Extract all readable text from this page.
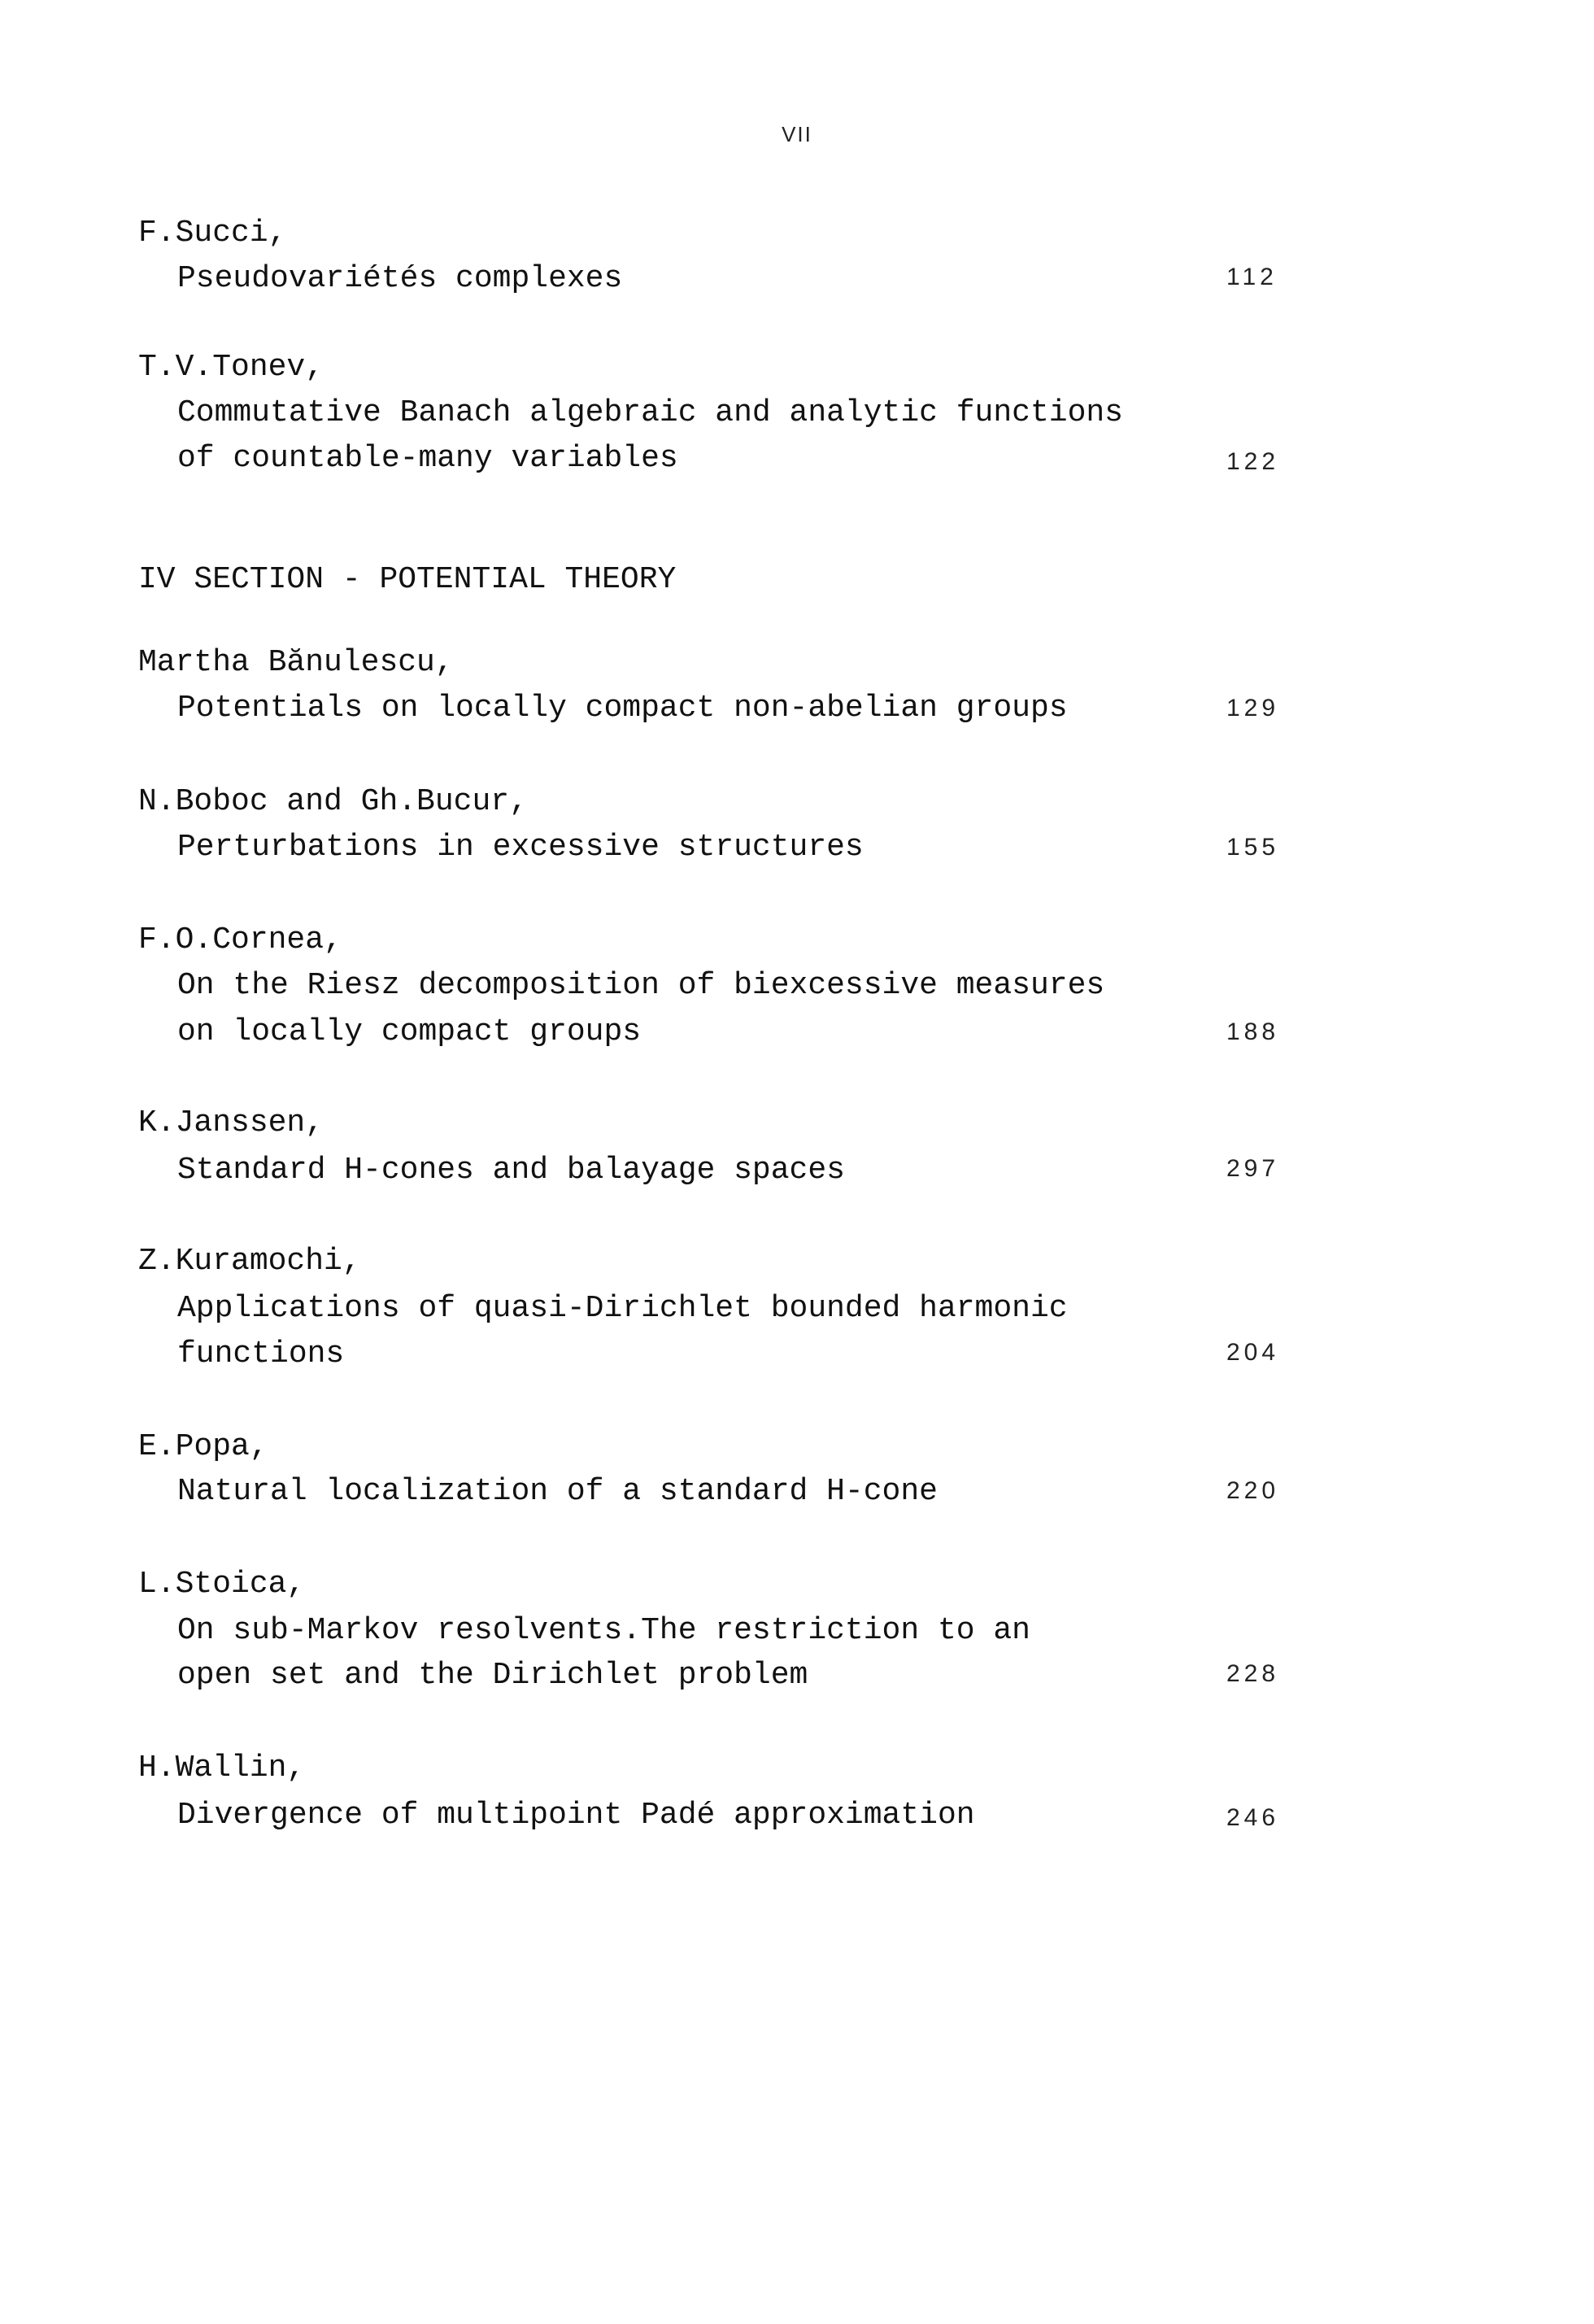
VII
F.Succi,
Pseudovariétés complexes	112
T.V.Tonev,
Commutative Banach algebraic and analytic functions
of countable-many variables	122
IV SECTION - POTENTIAL THEORY
Martha Bănulescu,
Potentials on locally compact non-abelian groups	129
N.Boboc and Gh.Bucur,
Perturbations in excessive structures	155
F.O.Cornea,
On the Riesz decomposition of biexcessive measures
on locally compact groups	188
K.Janssen,
Standard H-cones and balayage spaces	297
Z.Kuramochi,
Applications of quasi-Dirichlet bounded harmonic
functions	204
E.Popa,
Natural localization of a standard H-cone	220
L.Stoica,
On sub-Markov resolvents.The restriction to an
open set and the Dirichlet problem	228
H.Wallin,
Divergence of multipoint Padé approximation	246
